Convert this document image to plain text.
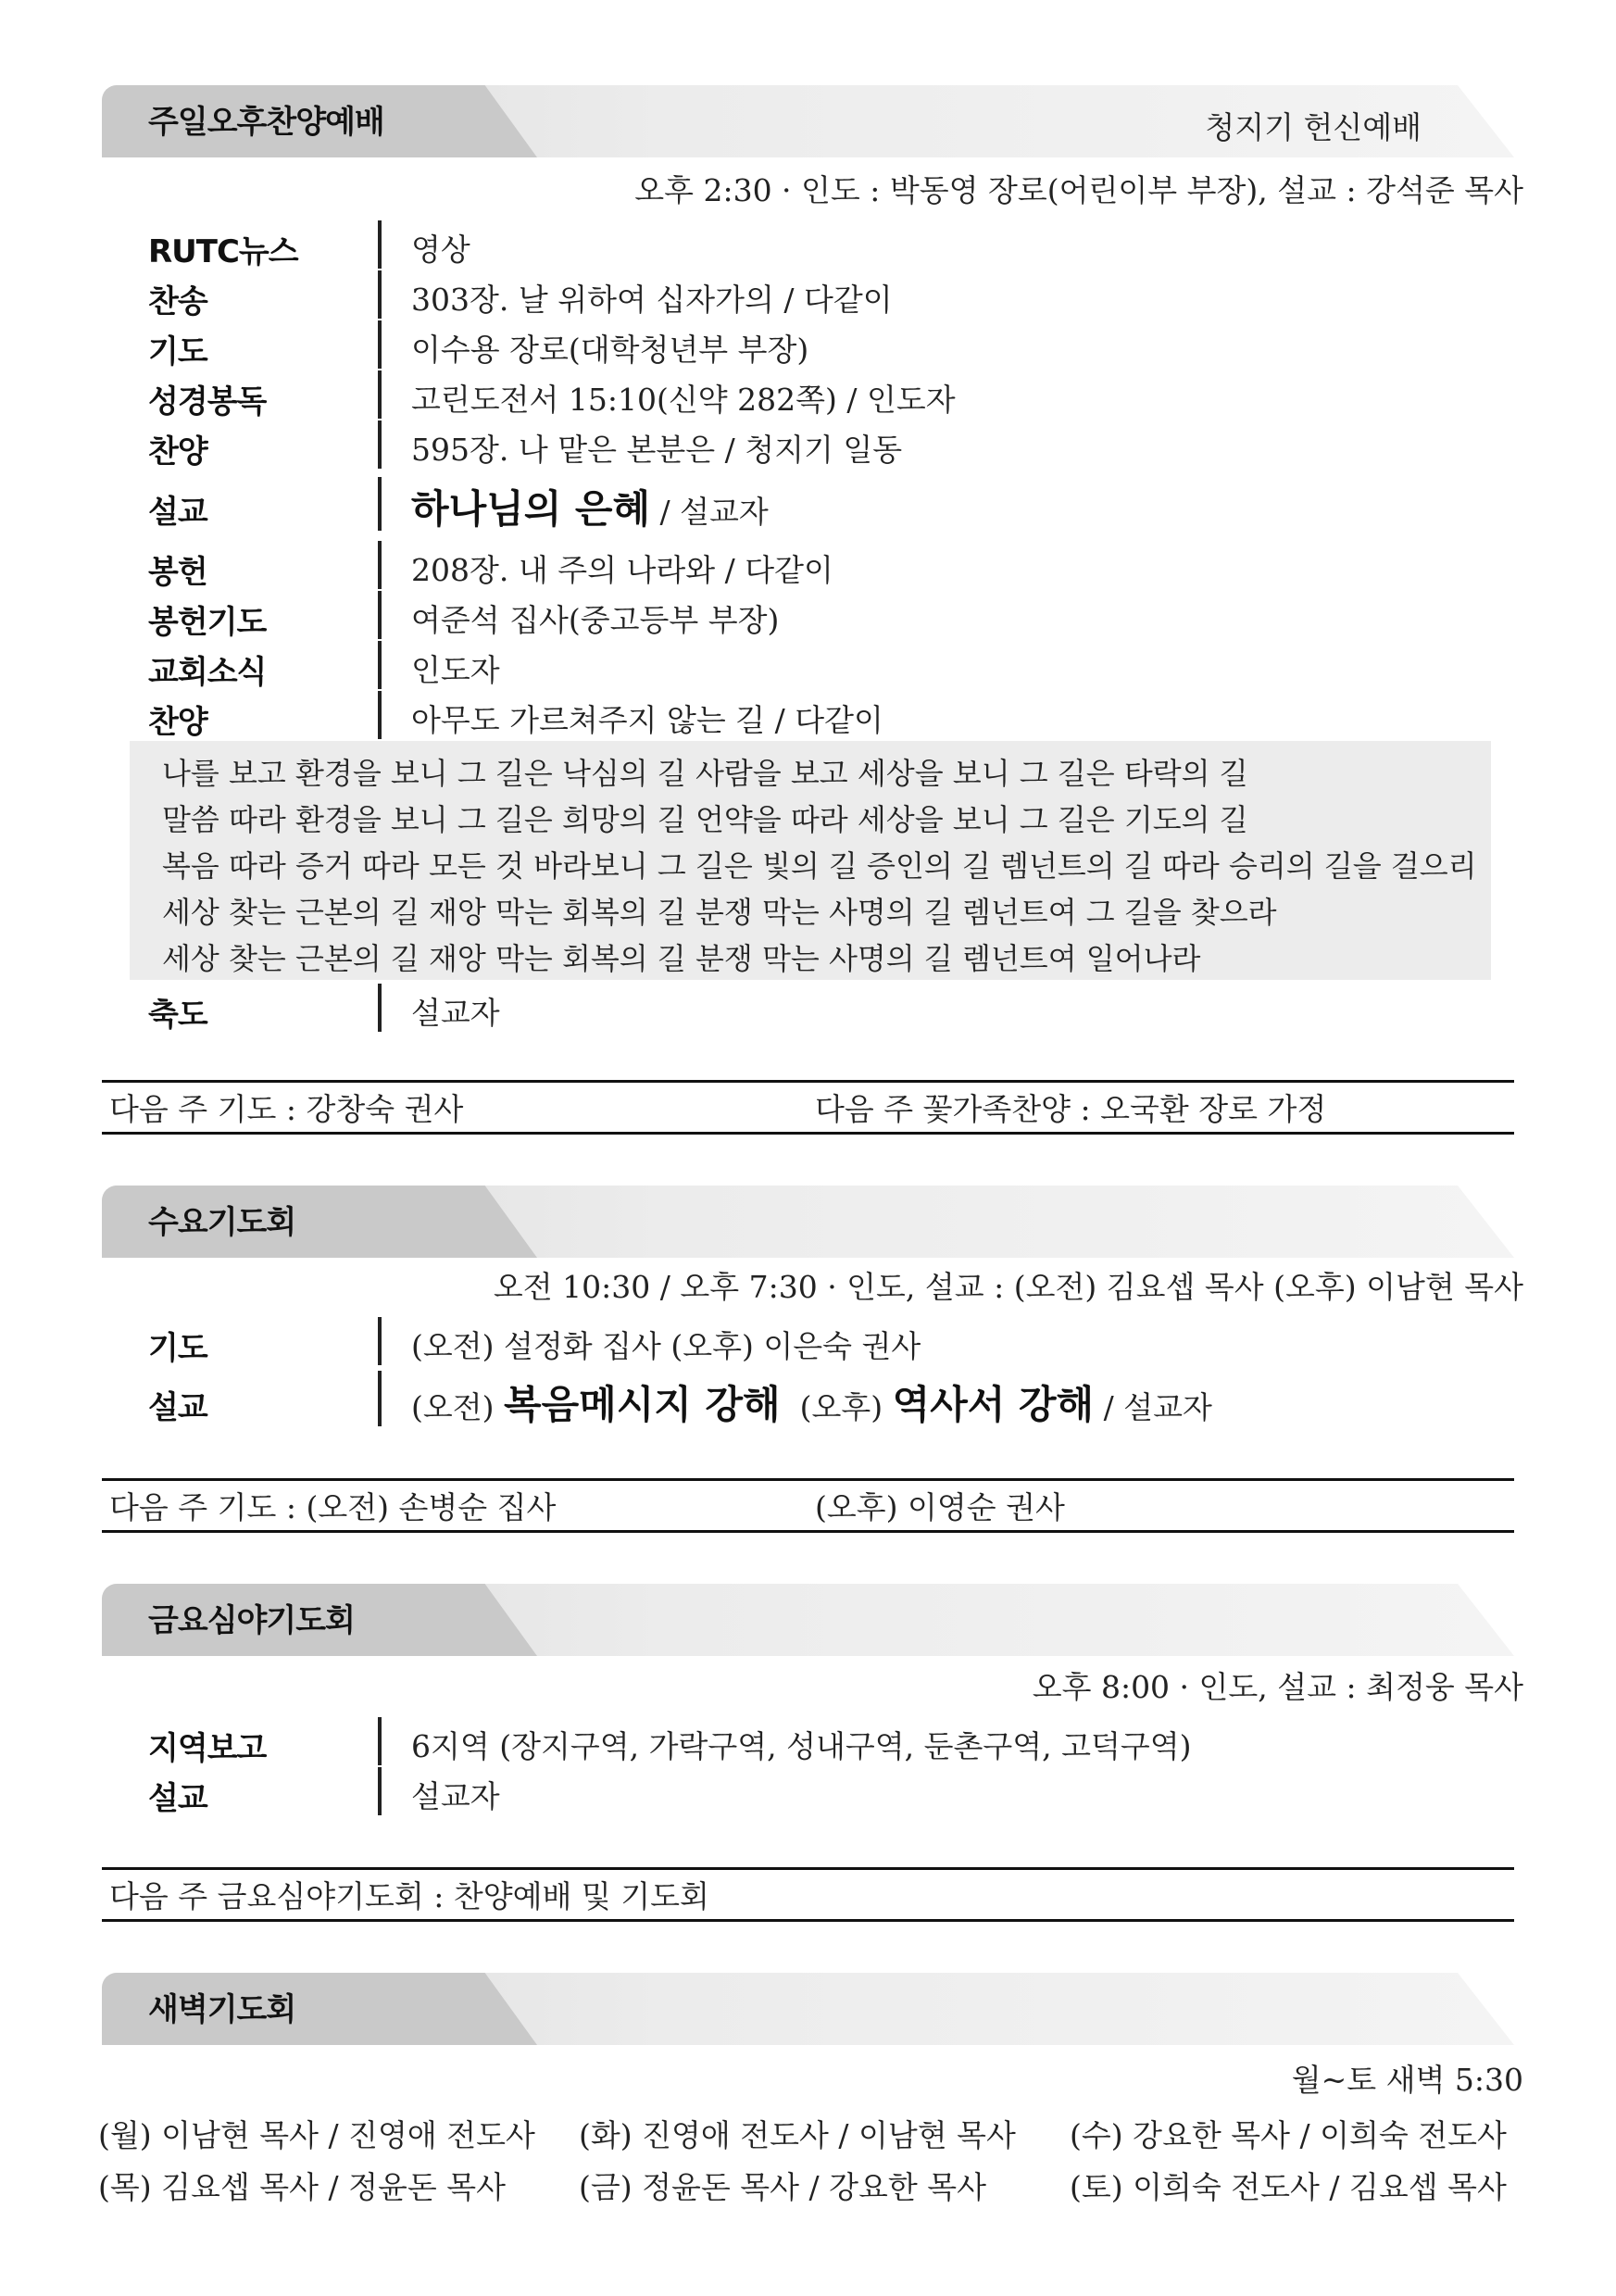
주일오후찬양예배	청지기 헌신예배
오후 2:30 · 인도 : 박동영 장로(어린이부 부장), 설교 : 강석준 목사
RUTC뉴스	영상
찬송	303장. 날 위하여 십자가의 / 다같이
기도	이수용 장로(대학청년부 부장)
성경봉독	고린도전서 15:10(신약 282쪽) / 인도자
찬양	595장. 나 맡은 본분은 / 청지기 일동
설교	하나님의 은혜 / 설교자
봉헌	208장. 내 주의 나라와 / 다같이
봉헌기도	여준석 집사(중고등부 부장)
교회소식	인도자
찬양	아무도 가르쳐주지 않는 길 / 다같이
나를 보고 환경을 보니 그 길은 낙심의 길 사람을 보고 세상을 보니 그 길은 타락의 길
말씀 따라 환경을 보니 그 길은 희망의 길 언약을 따라 세상을 보니 그 길은 기도의 길
복음 따라 증거 따라 모든 것 바라보니 그 길은 빛의 길 증인의 길 렘넌트의 길 따라 승리의 길을 걸으리
세상 찾는 근본의 길 재앙 막는 회복의 길 분쟁 막는 사명의 길 렘넌트여 그 길을 찾으라
세상 찾는 근본의 길 재앙 막는 회복의 길 분쟁 막는 사명의 길 렘넌트여 일어나라
축도	설교자
다음 주 기도 : 강창숙 권사	다음 주 꽃가족찬양 : 오국환 장로 가정
수요기도회
오전 10:30 / 오후 7:30 · 인도, 설교 : (오전) 김요셉 목사 (오후) 이남현 목사
기도	(오전) 설정화 집사 (오후) 이은숙 권사
설교	(오전) 복음메시지 강해  (오후) 역사서 강해 / 설교자
다음 주 기도 : (오전) 손병순 집사	(오후) 이영순 권사
금요심야기도회
오후 8:00 · 인도, 설교 : 최정웅 목사
지역보고	6지역 (장지구역, 가락구역, 성내구역, 둔촌구역, 고덕구역)
설교	설교자
다음 주 금요심야기도회 : 찬양예배 및 기도회
새벽기도회
월~토 새벽 5:30
(월) 이남현 목사 / 진영애 전도사 (화) 진영애 전도사 / 이남현 목사 (수) 강요한 목사 / 이희숙 전도사
(목) 김요셉 목사 / 정윤돈 목사 (금) 정윤돈 목사 / 강요한 목사	(토) 이희숙 전도사 / 김요셉 목사
